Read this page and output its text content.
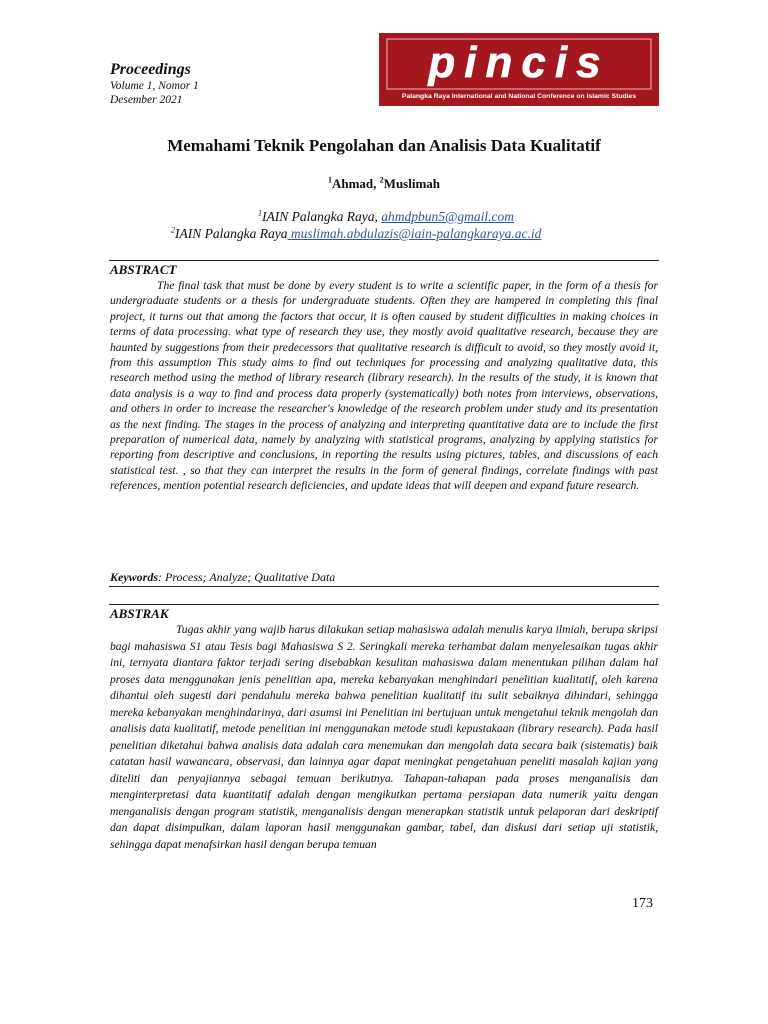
Proceedings
Volume 1, Nomor 1
Desember 2021
pincis
Palangka Raya International and National Conference on Islamic Studies
Memahami Teknik Pengolahan dan Analisis Data Kualitatif
$^1$Ahmad, $^2$Muslimah
$^1$IAIN Palangka Raya, ahmdpbun5@gmail.com
$^2$IAIN Palangka Raya muslimah.abdulazis@iain-palangkaraya.ac.id
ABSTRACT

The final task that must be done by every student is to write a scientific paper, in the form of a thesis for undergraduate students or a thesis for undergraduate students. Often they are hampered in completing this final project, it turns out that among the factors that occur, it is often caused by student difficulties in making choices in terms of data processing. what type of research they use, they mostly avoid qualitative research, because they are haunted by suggestions from their predecessors that qualitative research is difficult to avoid, so they mostly avoid it, from this assumption This study aims to find out techniques for processing and analyzing qualitative data, this research method using the method of library research (library research). In the results of the study, it is known that data analysis is a way to find and process data properly (systematically) both notes from interviews, observations, and others in order to increase the researcher's knowledge of the research problem under study and its presentation as the next finding. The stages in the process of analyzing and interpreting quantitative data are to include the first preparation of numerical data, namely by analyzing with statistical programs, analyzing by applying statistics for reporting from descriptive and conclusions, in reporting the results using pictures, tables, and discussions of each statistical test. , so that they can interpret the results in the form of general findings, correlate findings with past references, mention potential research deficiencies, and update ideas that will deepen and expand future research.

Keywords: Process; Analyze; Qualitative Data
ABSTRAK

Tugas akhir yang wajib harus dilakukan setiap mahasiswa adalah menulis karya ilmiah, berupa skripsi bagi mahasiswa S1 atau Tesis bagi Mahasiswa S 2. Seringkali mereka terhambat dalam menyelesaikan tugas akhir ini, ternyata diantara faktor terjadi sering disebabkan kesulitan mahasiswa dalam menentukan pilihan dalam hal proses data menggunakan jenis penelitian apa, mereka kebanyakan menghindari penelitian kualitatif, oleh karena dihantui oleh sugesti dari pendahulu mereka bahwa penelitian kualitatif itu sulit sebaiknya dihindari, sehingga mereka kebanyakan menghindarinya, dari asumsi ini Penelitian ini bertujuan untuk mengetahui teknik mengolah dan analisis data kualitatif, metode penelitian ini menggunakan metode studi kepustakaan (library research). Pada hasil penelitian diketahui bahwa analisis data adalah cara menemukan dan mengolah data secara baik (sistematis) baik catatan hasil wawancara, observasi, dan lainnya agar dapat meningkat pengetahuan peneliti masalah kajian yang diteliti dan penyajiannya sebagai temuan berikutnya. Tahapan-tahapan pada proses menganalisis dan menginterpretasi data kuantitatif adalah dengan mengikutkan pertama persiapan data numerik yaitu dengan menganalisis dengan program statistik, menganalisis dengan menerapkan statistik untuk pelaporan dari deskriptif dan dapat disimpulkan, dalam laporan hasil menggunakan gambar, tabel, dan diskusi dari setiap uji statistik, sehingga dapat menafsirkan hasil dengan berupa temuan

173
